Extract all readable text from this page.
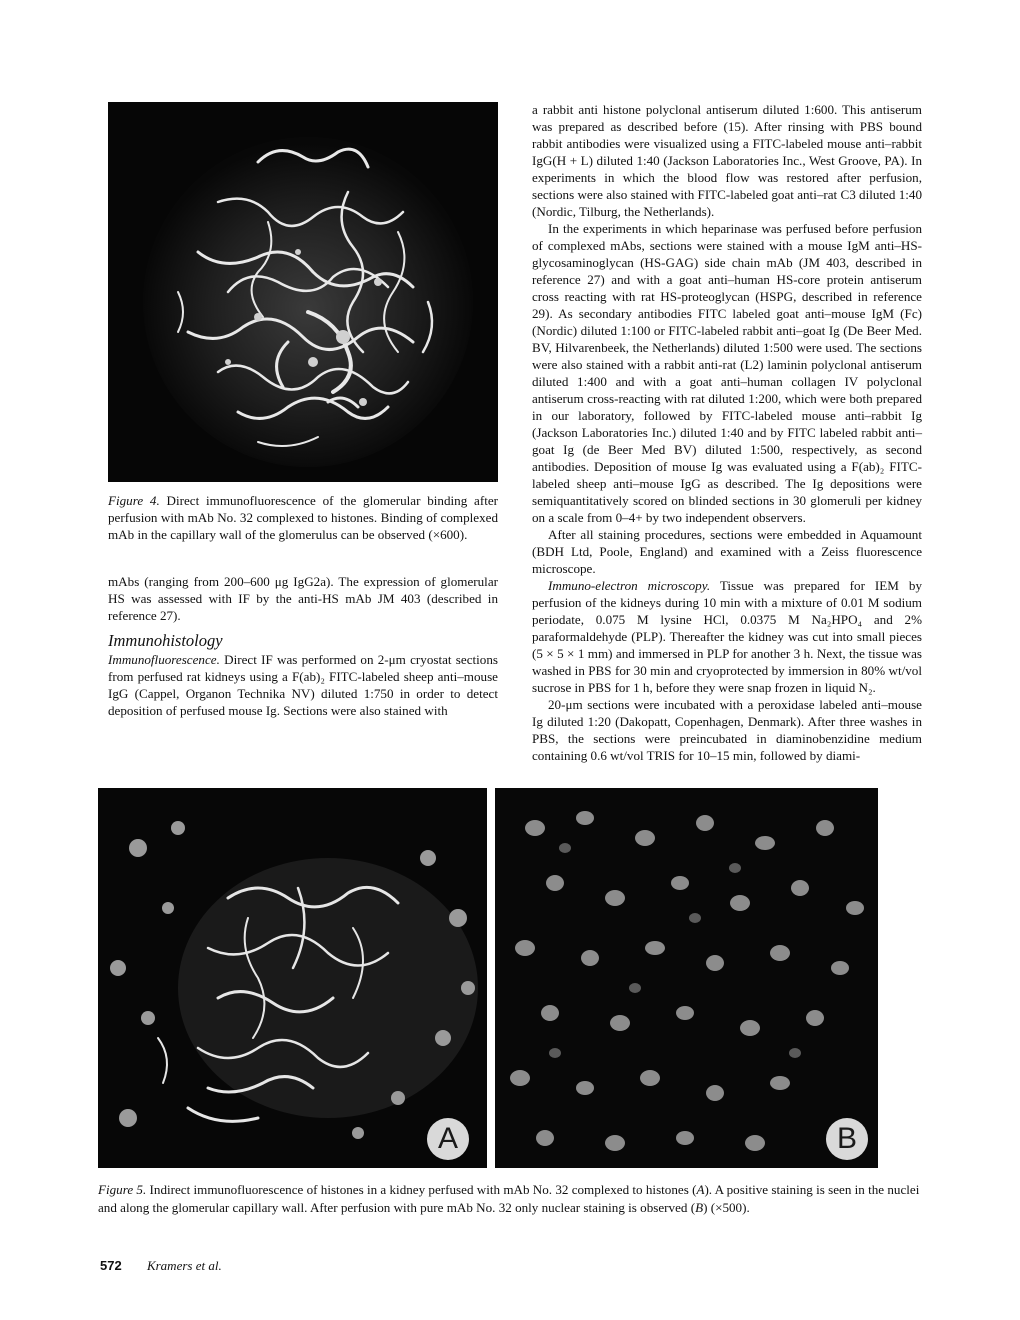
Figure 4. Direct immunofluorescence of the glomerular binding after perfusion with mAb No. 32 complexed to histones. Binding of complexed mAb in the capillary wall of the glomerulus can be observed (×600).

mAbs (ranging from 200–600 μg IgG2a). The expression of glomerular HS was assessed with IF by the anti-HS mAb JM 403 (described in reference 27).

Immunohistology

Immunofluorescence. Direct IF was performed on 2-μm cryostat sections from perfused rat kidneys using a F(ab)₂ FITC-labeled sheep anti–mouse IgG (Cappel, Organon Technika NV) diluted 1:750 in order to detect deposition of perfused mouse Ig. Sections were also stained with

a rabbit anti histone polyclonal antiserum diluted 1:600. This antiserum was prepared as described before (15). After rinsing with PBS bound rabbit antibodies were visualized using a FITC-labeled mouse anti–rabbit IgG(H + L) diluted 1:40 (Jackson Laboratories Inc., West Groove, PA). In experiments in which the blood flow was restored after perfusion, sections were also stained with FITC-labeled goat anti–rat C3 diluted 1:40 (Nordic, Tilburg, the Netherlands).

In the experiments in which heparinase was perfused before perfusion of complexed mAbs, sections were stained with a mouse IgM anti–HS-glycosaminoglycan (HS-GAG) side chain mAb (JM 403, described in reference 27) and with a goat anti–human HS-core protein antiserum cross reacting with rat HS-proteoglycan (HSPG, described in reference 29). As secondary antibodies FITC labeled goat anti–mouse IgM (Fc) (Nordic) diluted 1:100 or FITC-labeled rabbit anti–goat Ig (De Beer Med. BV, Hilvarenbeek, the Netherlands) diluted 1:500 were used. The sections were also stained with a rabbit anti-rat (L2) laminin polyclonal antiserum diluted 1:400 and with a goat anti–human collagen IV polyclonal antiserum cross-reacting with rat diluted 1:200, which were both prepared in our laboratory, followed by FITC-labeled mouse anti–rabbit Ig (Jackson Laboratories Inc.) diluted 1:40 and by FITC labeled rabbit anti–goat Ig (de Beer Med BV) diluted 1:500, respectively, as second antibodies. Deposition of mouse Ig was evaluated using a F(ab)₂ FITC-labeled sheep anti–mouse IgG as described. The Ig depositions were semiquantitatively scored on blinded sections in 30 glomeruli per kidney on a scale from 0–4+ by two independent observers.

After all staining procedures, sections were embedded in Aquamount (BDH Ltd, Poole, England) and examined with a Zeiss fluorescence microscope.

Immuno-electron microscopy. Tissue was prepared for IEM by perfusion of the kidneys during 10 min with a mixture of 0.01 M sodium periodate, 0.075 M lysine HCl, 0.0375 M Na₂HPO₄ and 2% paraformaldehyde (PLP). Thereafter the kidney was cut into small pieces (5 × 5 × 1 mm) and immersed in PLP for another 3 h. Next, the tissue was washed in PBS for 30 min and cryoprotected by immersion in 80% wt/vol sucrose in PBS for 1 h, before they were snap frozen in liquid N₂.

20-μm sections were incubated with a peroxidase labeled anti–mouse Ig diluted 1:20 (Dakopatt, Copenhagen, Denmark). After three washes in PBS, the sections were preincubated in diaminobenzidine medium containing 0.6 wt/vol TRIS for 10–15 min, followed by diami-

A	B
Figure 5. Indirect immunofluorescence of histones in a kidney perfused with mAb No. 32 complexed to histones (A). A positive staining is seen in the nuclei and along the glomerular capillary wall. After perfusion with pure mAb No. 32 only nuclear staining is observed (B) (×500).
572 Kramers et al.
